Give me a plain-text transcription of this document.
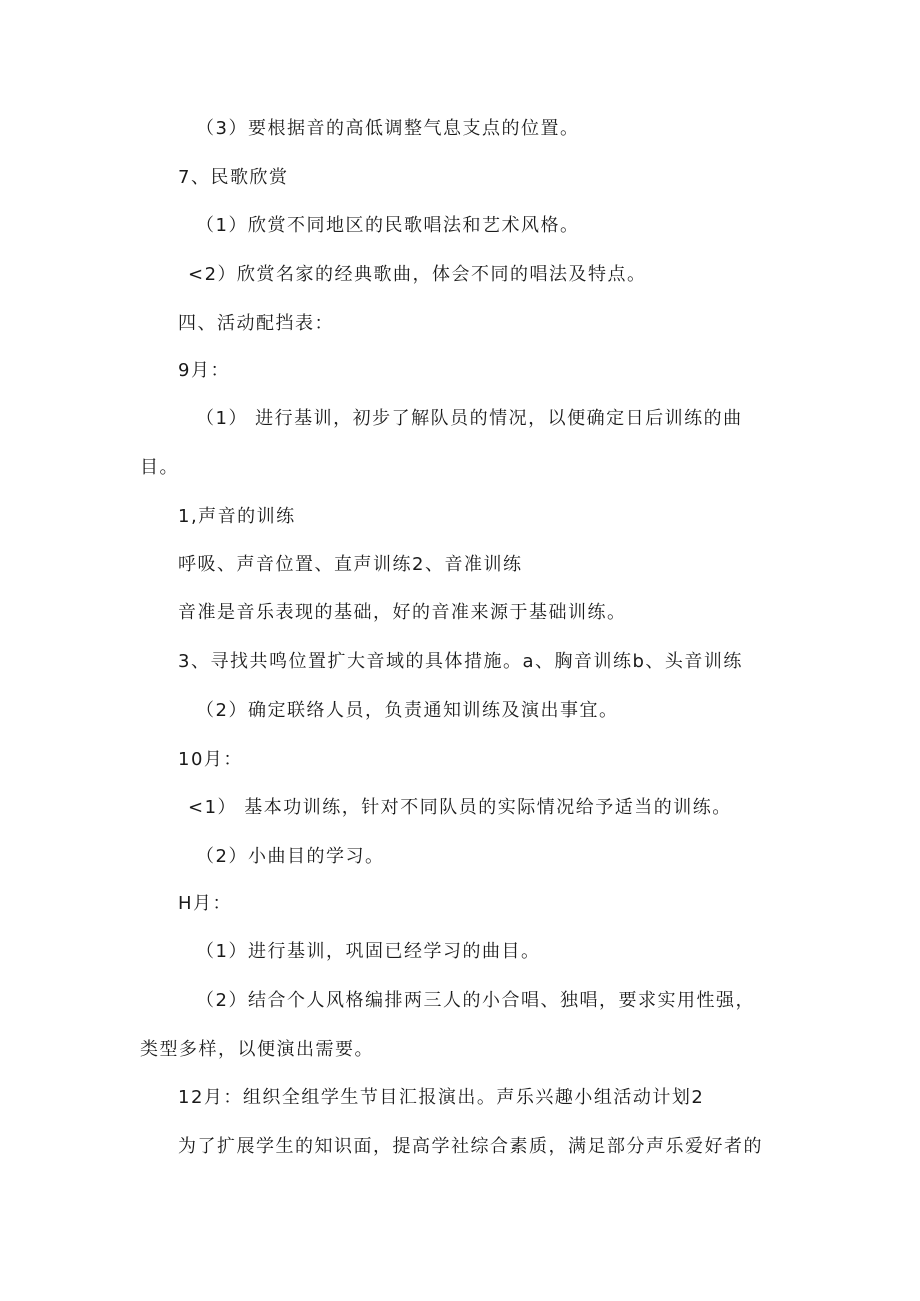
（3）要根据音的高低调整气息支点的位置。
7、民歌欣赏
（1）欣赏不同地区的民歌唱法和艺术风格。
<2）欣赏名家的经典歌曲，体会不同的唱法及特点。
四、活动配挡表：
9月：
（1） 进行基训，初步了解队员的情况，以便确定日后训练的曲
目。
1,声音的训练
呼吸、声音位置、直声训练2、音准训练
音准是音乐表现的基础，好的音准来源于基础训练。
3、寻找共鸣位置扩大音域的具体措施。a、胸音训练b、头音训练
（2）确定联络人员，负责通知训练及演出事宜。
10月：
<1） 基本功训练，针对不同队员的实际情况给予适当的训练。
（2）小曲目的学习。
H月：
（1）进行基训，巩固已经学习的曲目。
（2）结合个人风格编排两三人的小合唱、独唱，要求实用性强，
类型多样，以便演出需要。
12月：组织全组学生节目汇报演出。声乐兴趣小组活动计划2
为了扩展学生的知识面，提高学社综合素质，满足部分声乐爱好者的
